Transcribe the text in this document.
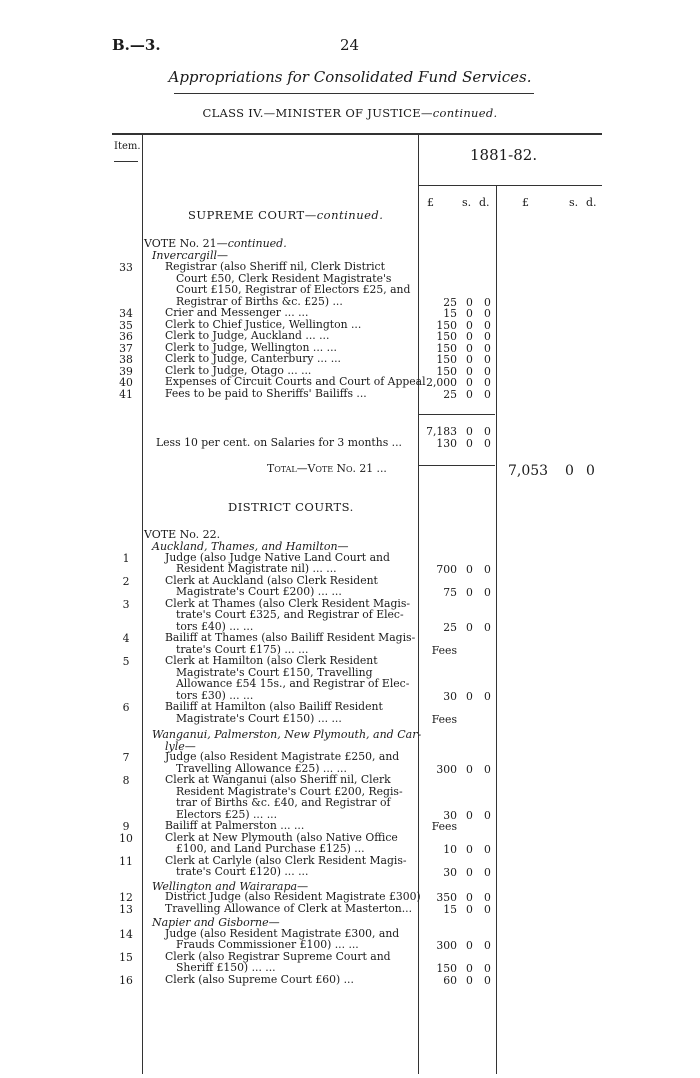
B.—3.	24
Appropriations for Consolidated Fund Services.
CLASS IV.—MINISTER OF JUSTICE—continued.
Item.	1881-82.
£	s. d.	£	s. d.
SUPREME COURT—continued.
VOTE No. 21—continued.
Invercargill—
33	Registrar (also Sheriff nil, Clerk District
Court £50, Clerk Resident Magistrate's
Court £150, Registrar of Electors £25, and
Registrar of Births &c. £25) ...	25 0 0
34	Crier and Messenger ... ...	15 0 0
35	Clerk to Chief Justice, Wellington ...	150 0 0
36	Clerk to Judge, Auckland ... ...	150 0 0
37	Clerk to Judge, Wellington ... ...	150 0 0
38	Clerk to Judge, Canterbury ... ...	150 0 0
39	Clerk to Judge, Otago ... ...	150 0 0
40	Expenses of Circuit Courts and Court of Appeal 2,000 0 0
41	Fees to be paid to Sheriffs' Bailiffs ...	25 0 0
7,183 0 0
Less 10 per cent. on Salaries for 3 months ...	130 0 0
Total—Vote No. 21 ...	7,053 0 0
DISTRICT COURTS.
VOTE No. 22.
Auckland, Thames, and Hamilton—
1	Judge (also Judge Native Land Court and
Resident Magistrate nil) ... ...	700 0 0
2	Clerk at Auckland (also Clerk Resident
Magistrate's Court £200) ... ...	75 0 0
3	Clerk at Thames (also Clerk Resident Magis-
trate's Court £325, and Registrar of Elec-
tors £40) ... ...	25 0 0
4	Bailiff at Thames (also Bailiff Resident Magis-
trate's Court £175) ... ...	Fees
5	Clerk at Hamilton (also Clerk Resident
Magistrate's Court £150, Travelling
Allowance £54 15s., and Registrar of Elec-
tors £30) ... ...	30 0 0
6	Bailiff at Hamilton (also Bailiff Resident
Magistrate's Court £150) ... ...	Fees
Wanganui, Palmerston, New Plymouth, and Car-
lyle—
7	Judge (also Resident Magistrate £250, and
Travelling Allowance £25) ... ...	300 0 0
8	Clerk at Wanganui (also Sheriff nil, Clerk
Resident Magistrate's Court £200, Regis-
trar of Births &c. £40, and Registrar of
Electors £25) ... ...	30 0 0
9	Bailiff at Palmerston ... ...	Fees
10	Clerk at New Plymouth (also Native Office
£100, and Land Purchase £125) ...	10 0 0
11	Clerk at Carlyle (also Clerk Resident Magis-
trate's Court £120) ... ...	30 0 0
Wellington and Wairarapa—
12	District Judge (also Resident Magistrate £300)	350 0 0
13	Travelling Allowance of Clerk at Masterton...	15 0 0
Napier and Gisborne—
14	Judge (also Resident Magistrate £300, and
Frauds Commissioner £100) ... ...	300 0 0
15	Clerk (also Registrar Supreme Court and
Sheriff £150) ... ...	150 0 0
16	Clerk (also Supreme Court £60) ...	60 0 0
